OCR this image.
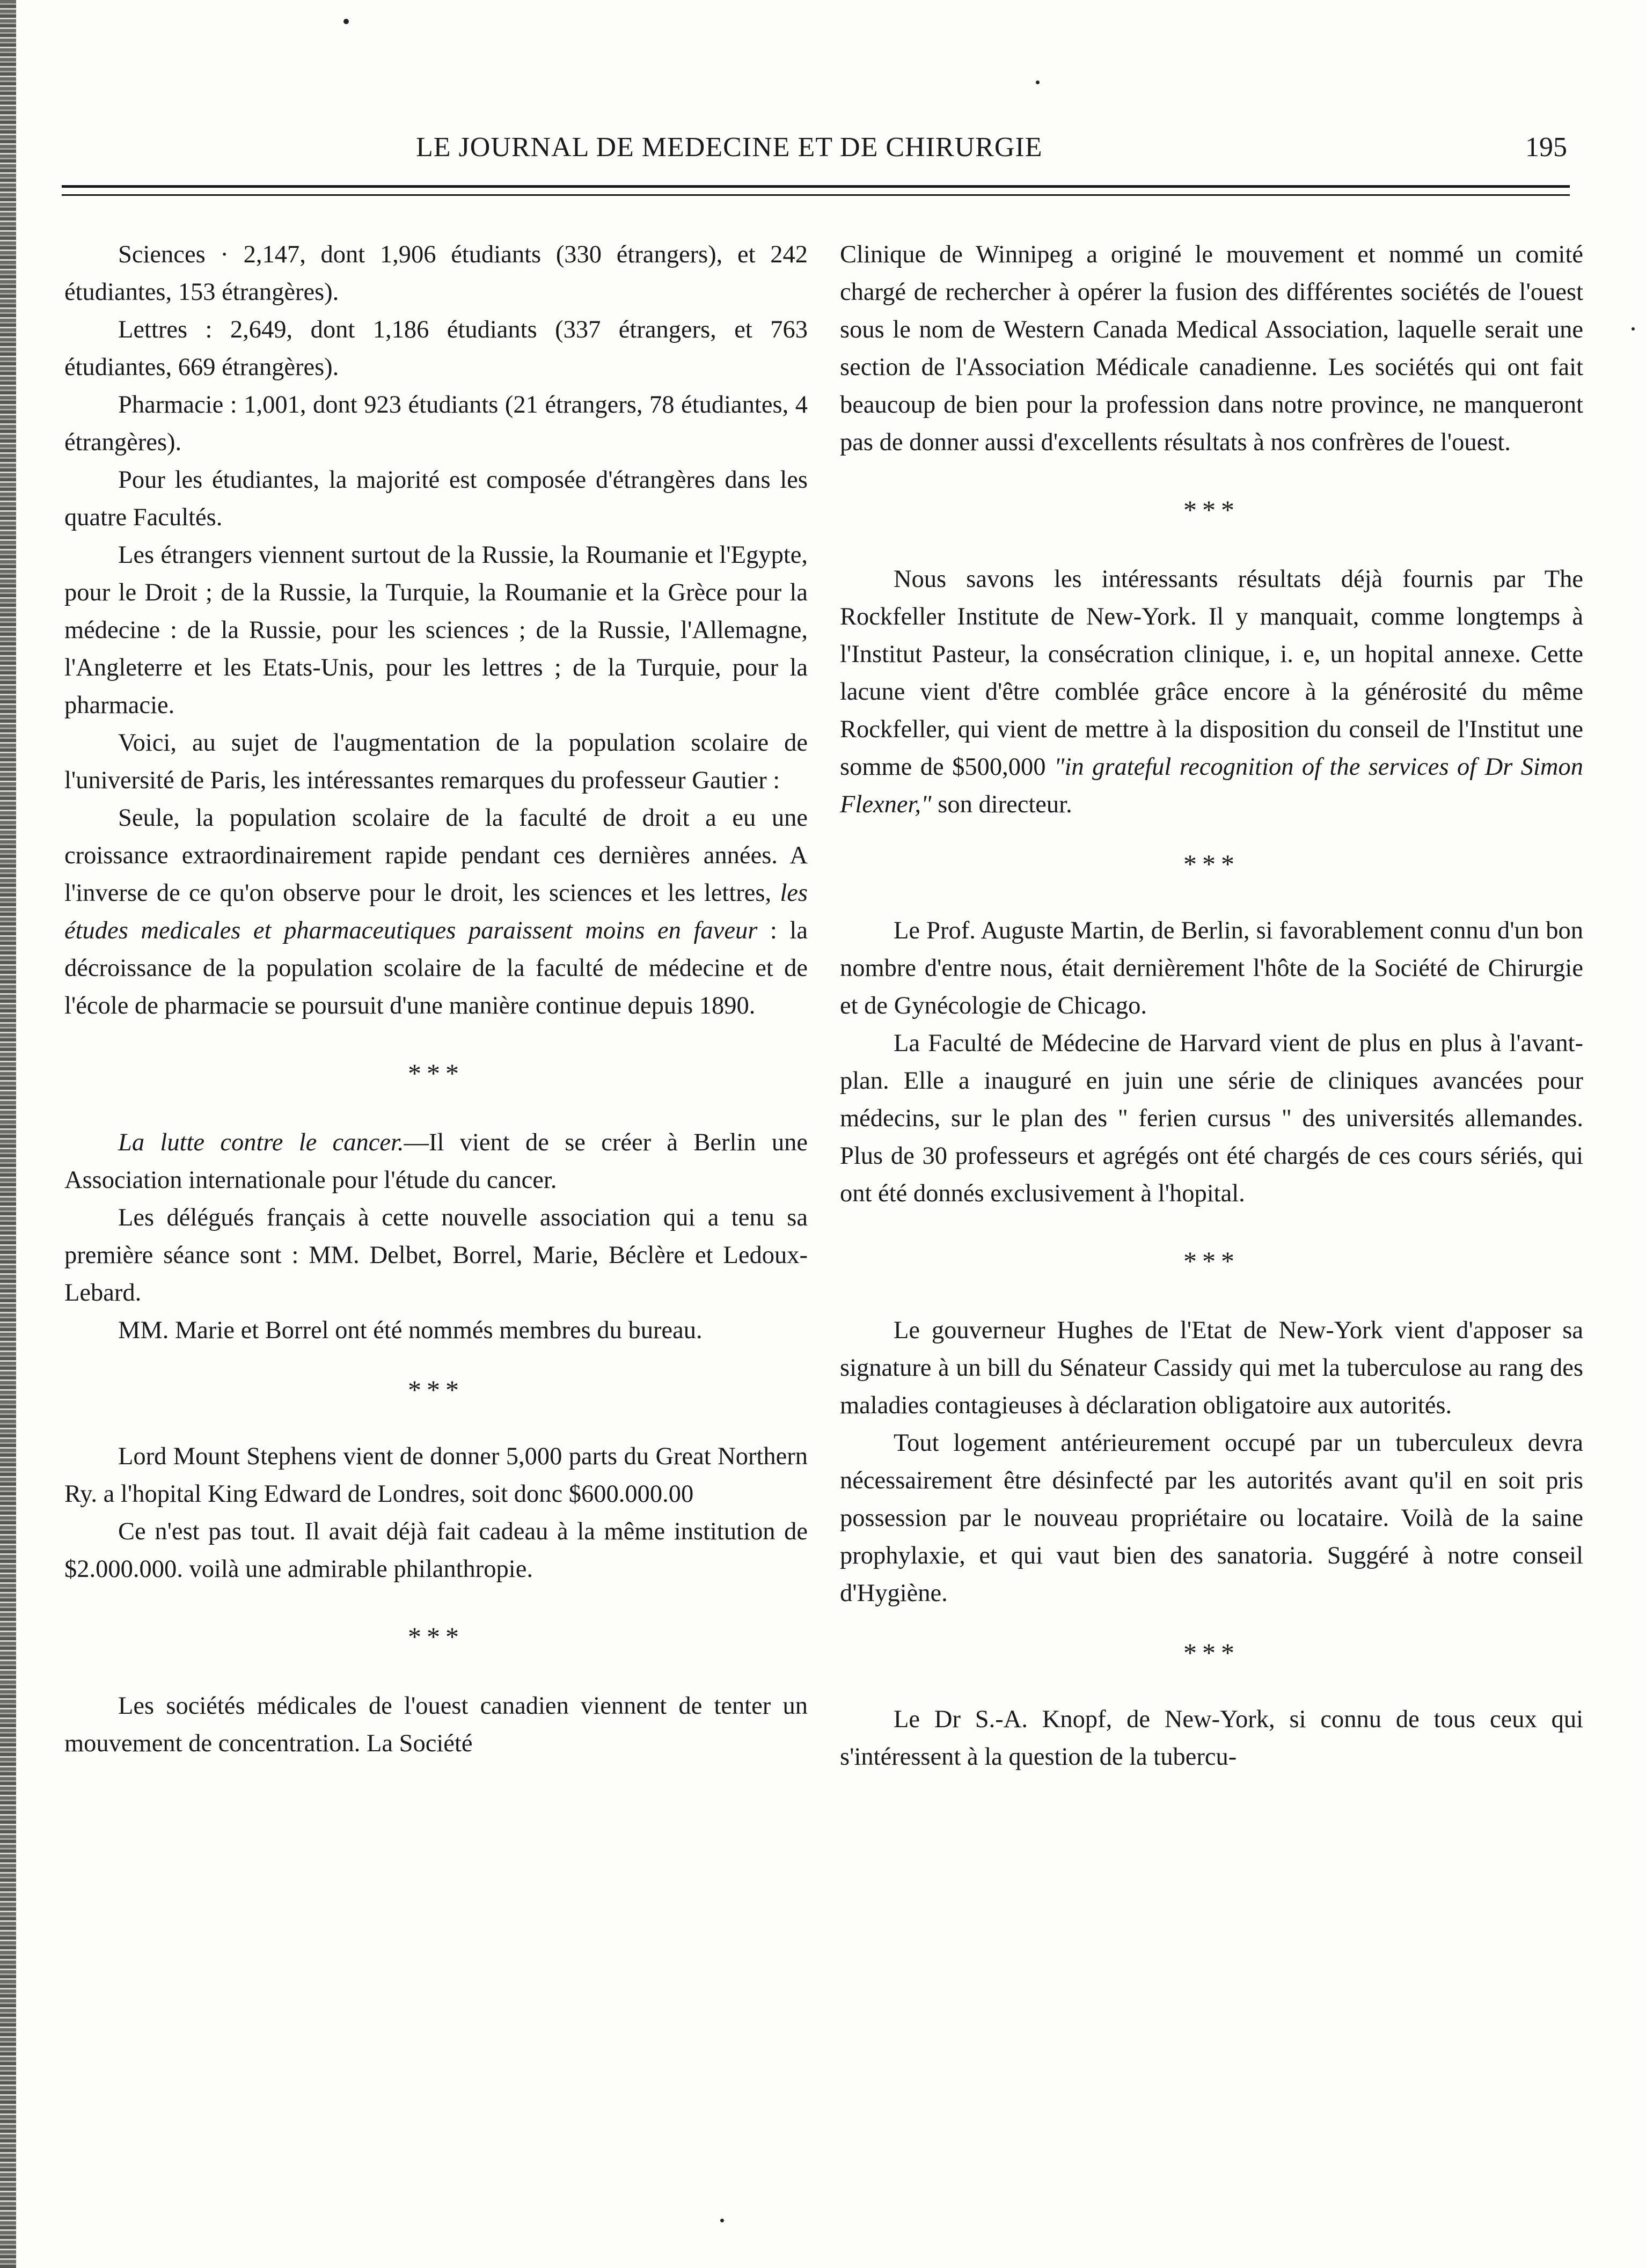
LE JOURNAL DE MEDECINE ET DE CHIRURGIE	195

Sciences · 2,147, dont 1,906 étudiants (330 étrangers), et 242 étudiantes, 153 étrangères).

Lettres : 2,649, dont 1,186 étudiants (337 étrangers, et 763 étudiantes, 669 étrangères).

Pharmacie : 1,001, dont 923 étudiants (21 étrangers, 78 étudiantes, 4 étrangères).

Pour les étudiantes, la majorité est composée d'étrangères dans les quatre Facultés.

Les étrangers viennent surtout de la Russie, la Roumanie et l'Egypte, pour le Droit ; de la Russie, la Turquie, la Roumanie et la Grèce pour la médecine : de la Russie, pour les sciences ; de la Russie, l'Allemagne, l'Angleterre et les Etats-Unis, pour les lettres ; de la Turquie, pour la pharmacie.

Voici, au sujet de l'augmentation de la population scolaire de l'université de Paris, les intéressantes remarques du professeur Gautier :

Seule, la population scolaire de la faculté de droit a eu une croissance extraordinairement rapide pendant ces dernières années. A l'inverse de ce qu'on observe pour le droit, les sciences et les lettres, les études medicales et pharmaceutiques paraissent moins en faveur : la décroissance de la population scolaire de la faculté de médecine et de l'école de pharmacie se poursuit d'une manière continue depuis 1890.

***

La lutte contre le cancer.—Il vient de se créer à Berlin une Association internationale pour l'étude du cancer.

Les délégués français à cette nouvelle association qui a tenu sa première séance sont : MM. Delbet, Borrel, Marie, Béclère et Ledoux-Lebard.

MM. Marie et Borrel ont été nommés membres du bureau.

***

Lord Mount Stephens vient de donner 5,000 parts du Great Northern Ry. a l'hopital King Edward de Londres, soit donc $600.000.00

Ce n'est pas tout. Il avait déjà fait cadeau à la même institution de $2.000.000. voilà une admirable philanthropie.

***

Les sociétés médicales de l'ouest canadien viennent de tenter un mouvement de concentration. La Société

Clinique de Winnipeg a originé le mouvement et nommé un comité chargé de rechercher à opérer la fusion des différentes sociétés de l'ouest sous le nom de Western Canada Medical Association, laquelle serait une section de l'Association Médicale canadienne. Les sociétés qui ont fait beaucoup de bien pour la profession dans notre province, ne manqueront pas de donner aussi d'excellents résultats à nos confrères de l'ouest.

***

Nous savons les intéressants résultats déjà fournis par The Rockfeller Institute de New-York. Il y manquait, comme longtemps à l'Institut Pasteur, la consécration clinique, i. e, un hopital annexe. Cette lacune vient d'être comblée grâce encore à la générosité du même Rockfeller, qui vient de mettre à la disposition du conseil de l'Institut une somme de $500,000 "in grateful recognition of the services of Dr Simon Flexner," son directeur.

***

Le Prof. Auguste Martin, de Berlin, si favorablement connu d'un bon nombre d'entre nous, était dernièrement l'hôte de la Société de Chirurgie et de Gynécologie de Chicago.

La Faculté de Médecine de Harvard vient de plus en plus à l'avant-plan. Elle a inauguré en juin une série de cliniques avancées pour médecins, sur le plan des " ferien cursus " des universités allemandes. Plus de 30 professeurs et agrégés ont été chargés de ces cours sériés, qui ont été donnés exclusivement à l'hopital.

***

Le gouverneur Hughes de l'Etat de New-York vient d'apposer sa signature à un bill du Sénateur Cassidy qui met la tuberculose au rang des maladies contagieuses à déclaration obligatoire aux autorités.

Tout logement antérieurement occupé par un tuberculeux devra nécessairement être désinfecté par les autorités avant qu'il en soit pris possession par le nouveau propriétaire ou locataire. Voilà de la saine prophylaxie, et qui vaut bien des sanatoria. Suggéré à notre conseil d'Hygiène.

***

Le Dr S.-A. Knopf, de New-York, si connu de tous ceux qui s'intéressent à la question de la tubercu-
